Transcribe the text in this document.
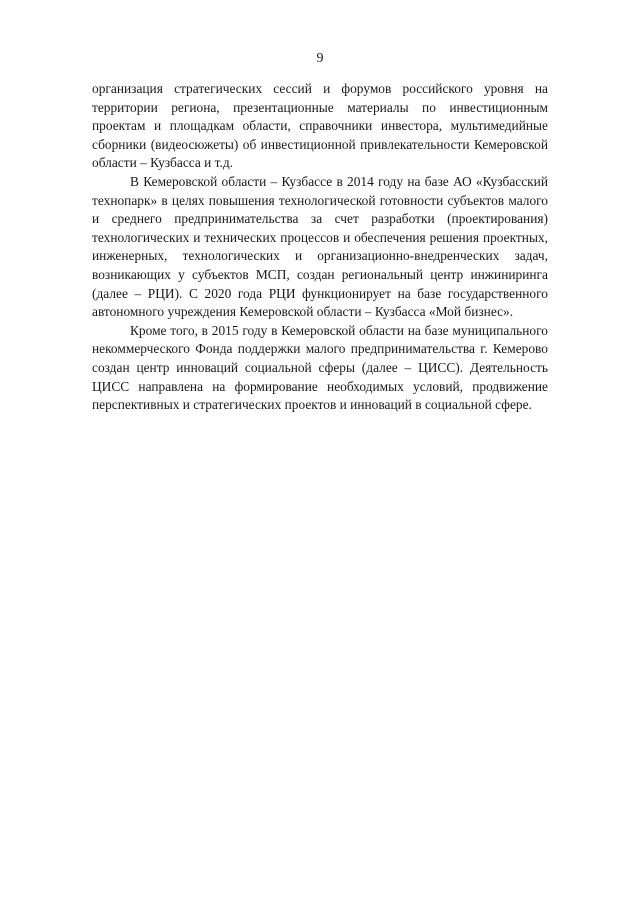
9

организация стратегических сессий и форумов российского уровня на территории региона, презентационные материалы по инвестиционным проектам и площадкам области, справочники инвестора, мультимедийные сборники (видеосюжеты) об инвестиционной привлекательности Кемеровской области – Кузбасса и т.д.

В Кемеровской области – Кузбассе в 2014 году на базе АО «Кузбасский технопарк» в целях повышения технологической готовности субъектов малого и среднего предпринимательства за счет разработки (проектирования) технологических и технических процессов и обеспечения решения проектных, инженерных, технологических и организационно-внедренческих задач, возникающих у субъектов МСП, создан региональный центр инжиниринга (далее – РЦИ). С 2020 года РЦИ функционирует на базе государственного автономного учреждения Кемеровской области – Кузбасса «Мой бизнес».

Кроме того, в 2015 году в Кемеровской области на базе муниципального некоммерческого Фонда поддержки малого предпринимательства г. Кемерово создан центр инноваций социальной сферы (далее – ЦИСС). Деятельность ЦИСС направлена на формирование необходимых условий, продвижение перспективных и стратегических проектов и инноваций в социальной сфере.
